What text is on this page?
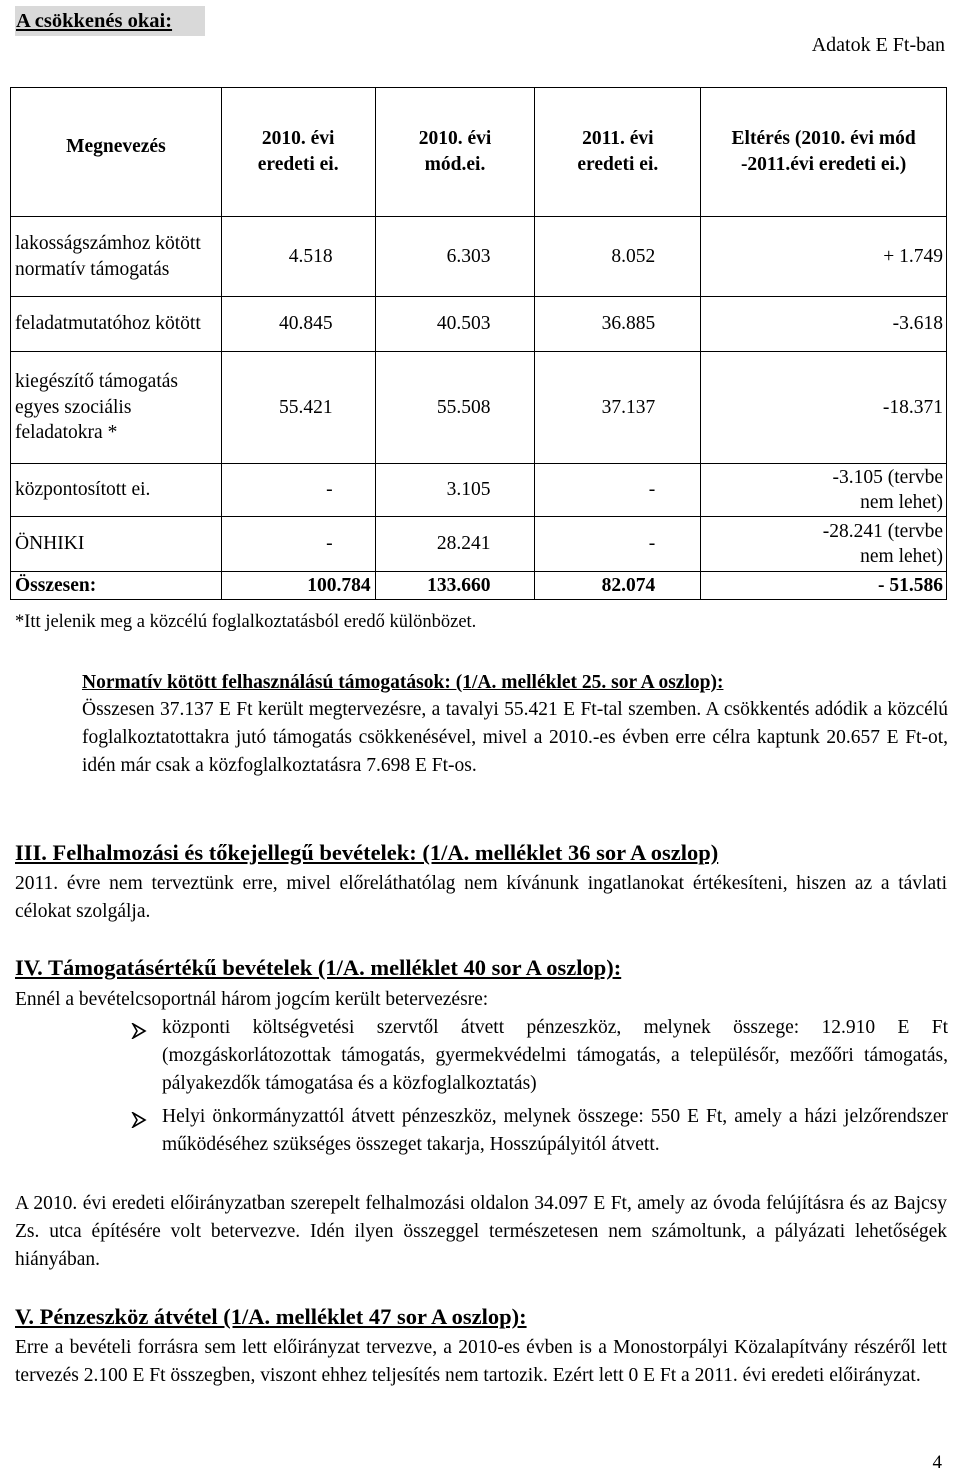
A csökkenés okai:
Adatok E Ft-ban
Megnevezés	2010. évi eredeti ei.	2010. évi mód.ei.	2011. évi eredeti ei.	Eltérés (2010. évi mód -2011.évi eredeti ei.)
lakosságszámhoz kötött normatív támogatás	4.518	6.303	8.052	+ 1.749
feladatmutatóhoz kötött	40.845	40.503	36.885	-3.618
kiegészítő támogatás egyes szociális feladatokra *	55.421	55.508	37.137	-18.371
központosított ei.	-	3.105	-	-3.105 (tervbe nem lehet)
ÖNHIKI	-	28.241	-	-28.241 (tervbe nem lehet)
Összesen:	100.784	133.660	82.074	- 51.586
*Itt jelenik meg a közcélú foglalkoztatásból eredő különbözet.
Normatív kötött felhasználású támogatások: (1/A. melléklet 25. sor A oszlop):
Összesen 37.137 E Ft került megtervezésre, a tavalyi 55.421 E Ft-tal szemben. A csökkentés adódik a közcélú foglalkoztatottakra jutó támogatás csökkenésével, mivel a 2010.-es évben erre célra kaptunk 20.657 E Ft-ot, idén már csak a közfoglalkoztatásra 7.698 E Ft-os.
III. Felhalmozási és tőkejellegű bevételek: (1/A. melléklet 36 sor A oszlop)
2011. évre nem terveztünk erre, mivel előreláthatólag nem kívánunk ingatlanokat értékesíteni, hiszen az a távlati célokat szolgálja.
IV. Támogatásértékű bevételek (1/A. melléklet 40 sor A oszlop):
Ennél a bevételcsoportnál három jogcím került betervezésre:
központi költségvetési szervtől átvett pénzeszköz, melynek összege: 12.910 E Ft (mozgáskorlátozottak támogatás, gyermekvédelmi támogatás, a településőr, mezőőri támogatás, pályakezdők támogatása és a közfoglalkoztatás)
Helyi önkormányzattól átvett pénzeszköz, melynek összege: 550 E Ft, amely a házi jelzőrendszer működéséhez szükséges összeget takarja, Hosszúpályitól átvett.
A 2010. évi eredeti előirányzatban szerepelt felhalmozási oldalon 34.097 E Ft, amely az óvoda felújításra és az Bajcsy Zs. utca építésére volt betervezve. Idén ilyen összeggel természetesen nem számoltunk, a pályázati lehetőségek hiányában.
V. Pénzeszköz átvétel (1/A. melléklet 47 sor A oszlop):
Erre a bevételi forrásra sem lett előirányzat tervezve, a 2010-es évben is a Monostorpályi Közalapítvány részéről lett tervezés 2.100 E Ft összegben, viszont ehhez teljesítés nem tartozik. Ezért lett 0 E Ft a 2011. évi eredeti előirányzat.
4
